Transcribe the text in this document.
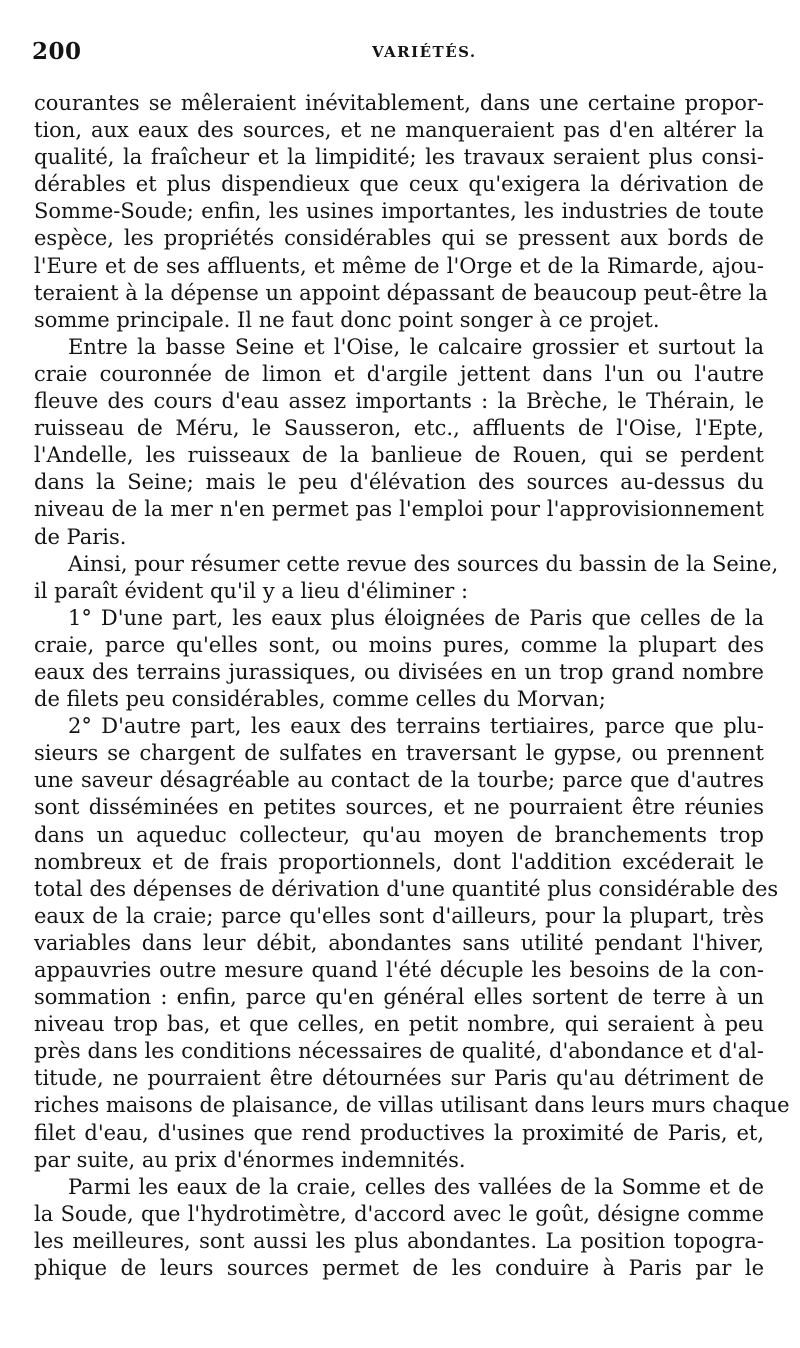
200	VARIÉTÉS.
courantes se mêleraient inévitablement, dans une certaine propor-
tion, aux eaux des sources, et ne manqueraient pas d'en altérer la
qualité, la fraîcheur et la limpidité; les travaux seraient plus consi-
dérables et plus dispendieux que ceux qu'exigera la dérivation de
Somme-Soude; enfin, les usines importantes, les industries de toute
espèce, les propriétés considérables qui se pressent aux bords de
l'Eure et de ses affluents, et même de l'Orge et de la Rimarde, ajou-
teraient à la dépense un appoint dépassant de beaucoup peut-être la
somme principale. Il ne faut donc point songer à ce projet.
Entre la basse Seine et l'Oise, le calcaire grossier et surtout la
craie couronnée de limon et d'argile jettent dans l'un ou l'autre
fleuve des cours d'eau assez importants : la Brèche, le Thérain, le
ruisseau de Méru, le Sausseron, etc., affluents de l'Oise, l'Epte,
l'Andelle, les ruisseaux de la banlieue de Rouen, qui se perdent
dans la Seine; mais le peu d'élévation des sources au-dessus du
niveau de la mer n'en permet pas l'emploi pour l'approvisionnement
de Paris.
Ainsi, pour résumer cette revue des sources du bassin de la Seine,
il paraît évident qu'il y a lieu d'éliminer :
1° D'une part, les eaux plus éloignées de Paris que celles de la
craie, parce qu'elles sont, ou moins pures, comme la plupart des
eaux des terrains jurassiques, ou divisées en un trop grand nombre
de filets peu considérables, comme celles du Morvan;
2° D'autre part, les eaux des terrains tertiaires, parce que plu-
sieurs se chargent de sulfates en traversant le gypse, ou prennent
une saveur désagréable au contact de la tourbe; parce que d'autres
sont disséminées en petites sources, et ne pourraient être réunies
dans un aqueduc collecteur, qu'au moyen de branchements trop
nombreux et de frais proportionnels, dont l'addition excéderait le
total des dépenses de dérivation d'une quantité plus considérable des
eaux de la craie; parce qu'elles sont d'ailleurs, pour la plupart, très
variables dans leur débit, abondantes sans utilité pendant l'hiver,
appauvries outre mesure quand l'été décuple les besoins de la con-
sommation : enfin, parce qu'en général elles sortent de terre à un
niveau trop bas, et que celles, en petit nombre, qui seraient à peu
près dans les conditions nécessaires de qualité, d'abondance et d'al-
titude, ne pourraient être détournées sur Paris qu'au détriment de
riches maisons de plaisance, de villas utilisant dans leurs murs chaque
filet d'eau, d'usines que rend productives la proximité de Paris, et,
par suite, au prix d'énormes indemnités.
Parmi les eaux de la craie, celles des vallées de la Somme et de
la Soude, que l'hydrotimètre, d'accord avec le goût, désigne comme
les meilleures, sont aussi les plus abondantes. La position topogra-
phique de leurs sources permet de les conduire à Paris par le
